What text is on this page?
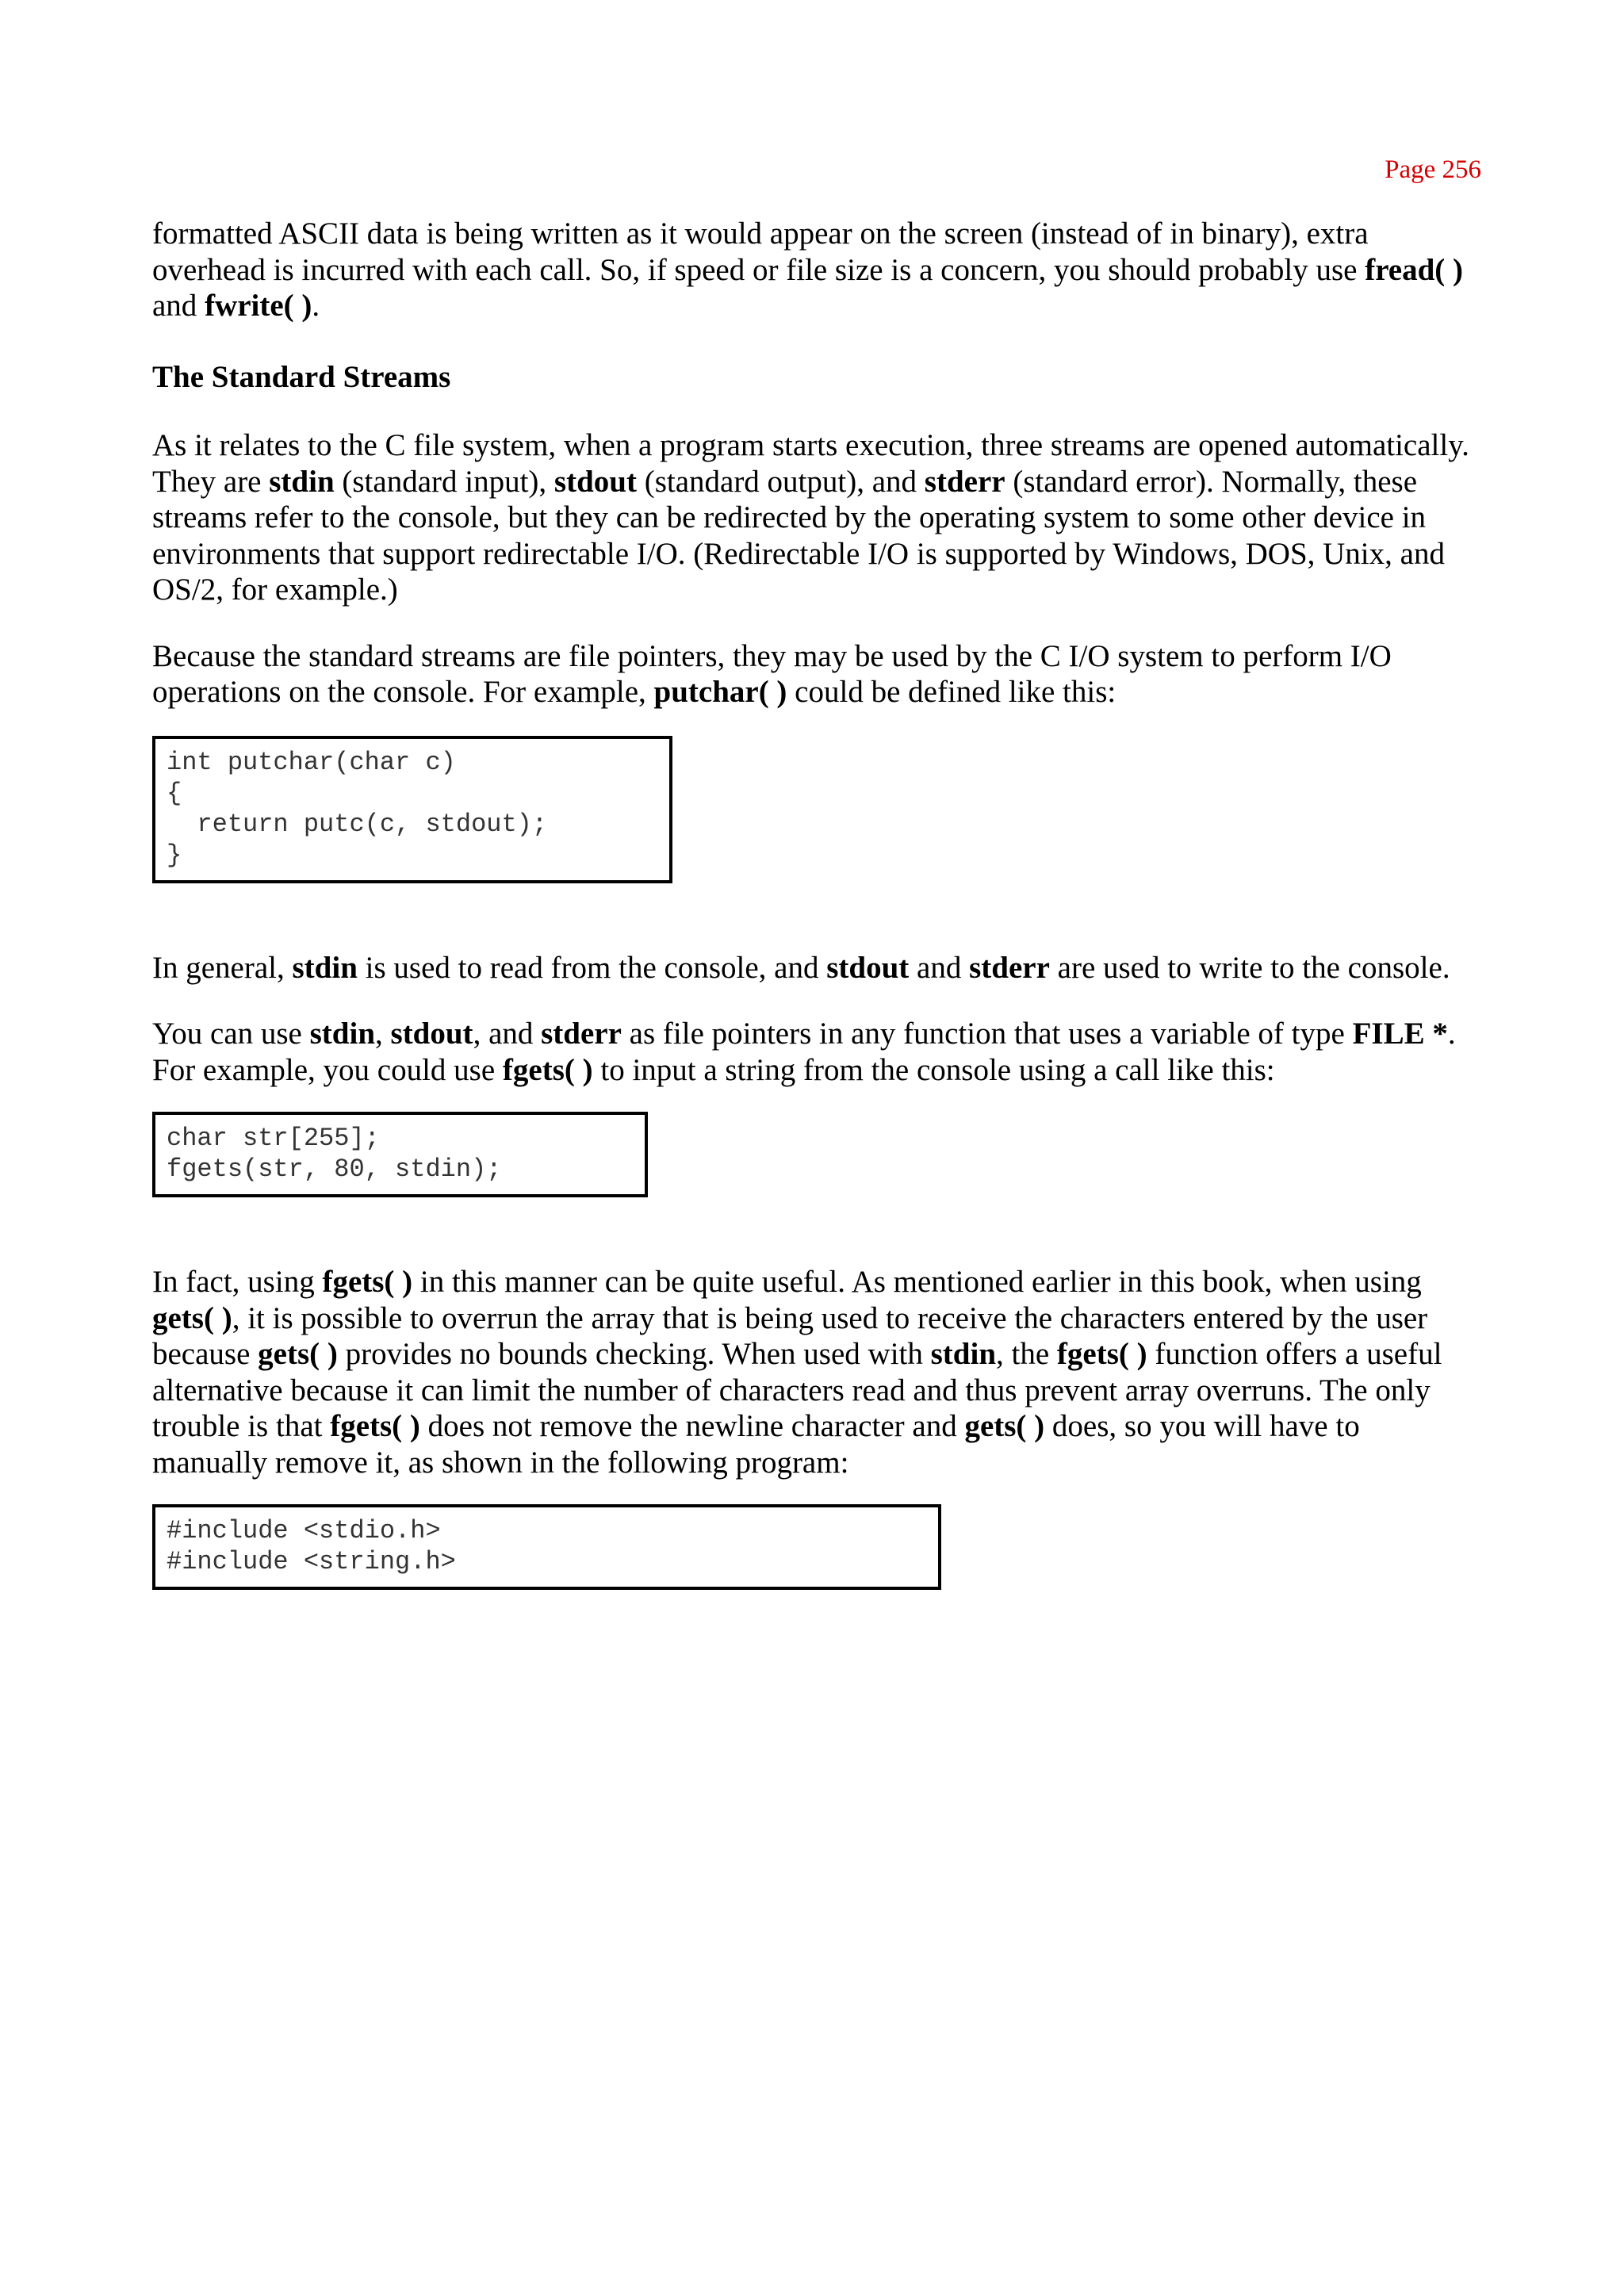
Page 256

formatted ASCII data is being written as it would appear on the screen (instead of in binary), extra overhead is incurred with each call. So, if speed or file size is a concern, you should probably use fread( ) and fwrite( ).

The Standard Streams

As it relates to the C file system, when a program starts execution, three streams are opened automatically. They are stdin (standard input), stdout (standard output), and stderr (standard error). Normally, these streams refer to the console, but they can be redirected by the operating system to some other device in environments that support redirectable I/O. (Redirectable I/O is supported by Windows, DOS, Unix, and OS/2, for example.)

Because the standard streams are file pointers, they may be used by the C I/O system to perform I/O operations on the console. For example, putchar( ) could be defined like this:

int putchar(char c)
{
return putc(c, stdout);
}

In general, stdin is used to read from the console, and stdout and stderr are used to write to the console.

You can use stdin, stdout, and stderr as file pointers in any function that uses a variable of type FILE *. For example, you could use fgets( ) to input a string from the console using a call like this:

char str[255];
fgets(str, 80, stdin);

In fact, using fgets( ) in this manner can be quite useful. As mentioned earlier in this book, when using gets( ), it is possible to overrun the array that is being used to receive the characters entered by the user because gets( ) provides no bounds checking. When used with stdin, the fgets( ) function offers a useful alternative because it can limit the number of characters read and thus prevent array overruns. The only trouble is that fgets( ) does not remove the newline character and gets( ) does, so you will have to manually remove it, as shown in the following program:

#include <stdio.h>
#include <string.h>
